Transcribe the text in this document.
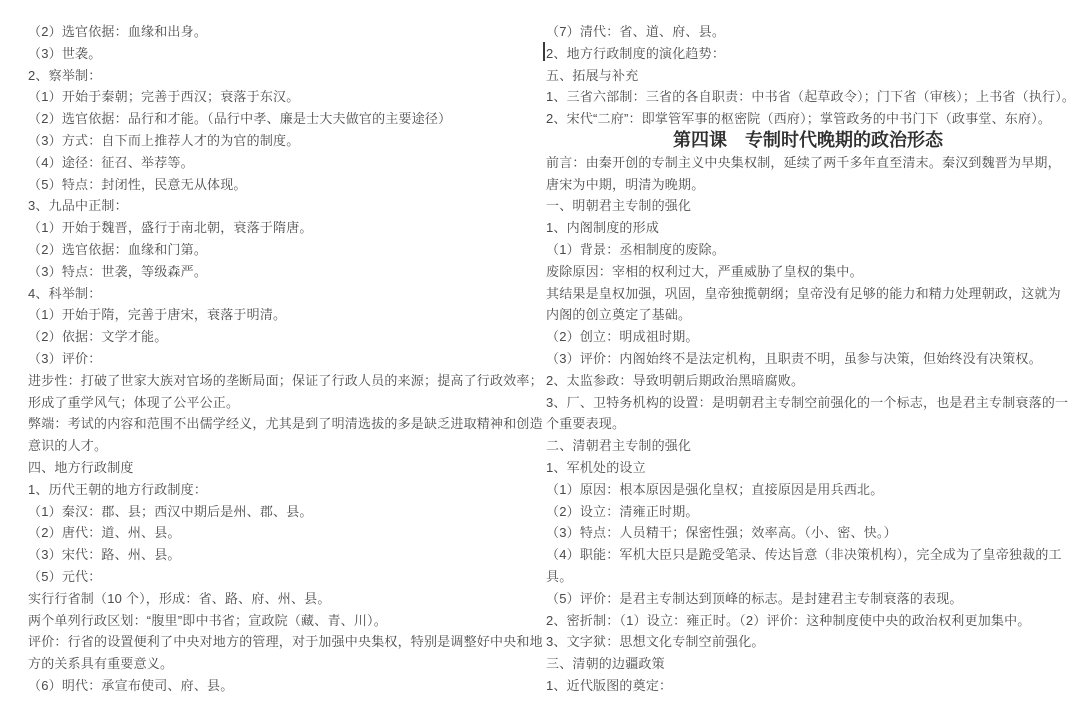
（2）选官依据：血缘和出身。
（3）世袭。
2、察举制：
（1）开始于秦朝；完善于西汉；衰落于东汉。
（2）选官依据：品行和才能。（品行中孝、廉是士大夫做官的主要途径）
（3）方式：自下而上推荐人才的为官的制度。
（4）途径：征召、举荐等。
（5）特点：封闭性，民意无从体现。
3、九品中正制：
（1）开始于魏晋，盛行于南北朝，衰落于隋唐。
（2）选官依据：血缘和门第。
（3）特点：世袭，等级森严。
4、科举制：
（1）开始于隋，完善于唐宋，衰落于明清。
（2）依据：文学才能。
（3）评价：
进步性：打破了世家大族对官场的垄断局面；保证了行政人员的来源；提高了行政效率；
形成了重学风气；体现了公平公正。
弊端：考试的内容和范围不出儒学经义，尤其是到了明清选拔的多是缺乏进取精神和创造
意识的人才。
四、地方行政制度
1、历代王朝的地方行政制度：
（1）秦汉：郡、县；西汉中期后是州、郡、县。
（2）唐代：道、州、县。
（3）宋代：路、州、县。
（5）元代：
实行行省制（10 个），形成：省、路、府、州、县。
两个单列行政区划：“腹里”即中书省；宣政院（藏、青、川）。
评价：行省的设置便利了中央对地方的管理，对于加强中央集权，特别是调整好中央和地
方的关系具有重要意义。
（6）明代：承宣布使司、府、县。
（7）清代：省、道、府、县。
2、地方行政制度的演化趋势：
五、拓展与补充
1、三省六部制：三省的各自职责：中书省（起草政令）；门下省（审核）；上书省（执行）。
2、宋代“二府”：即掌管军事的枢密院（西府）；掌管政务的中书门下（政事堂、东府）。
第四课　专制时代晚期的政治形态
前言：由秦开创的专制主义中央集权制，延续了两千多年直至清末。秦汉到魏晋为早期，
唐宋为中期，明清为晚期。
一、明朝君主专制的强化
1、内阁制度的形成
（1）背景：丞相制度的废除。
废除原因：宰相的权利过大，严重威胁了皇权的集中。
其结果是皇权加强，巩固，皇帝独揽朝纲；皇帝没有足够的能力和精力处理朝政，这就为
内阁的创立奠定了基础。
（2）创立：明成祖时期。
（3）评价：内阁始终不是法定机构，且职责不明，虽参与决策，但始终没有决策权。
2、太监参政：导致明朝后期政治黑暗腐败。
3、厂、卫特务机构的设置：是明朝君主专制空前强化的一个标志，也是君主专制衰落的一
个重要表现。
二、清朝君主专制的强化
1、军机处的设立
（1）原因：根本原因是强化皇权；直接原因是用兵西北。
（2）设立：清雍正时期。
（3）特点：人员精干；保密性强；效率高。（小、密、快。）
（4）职能：军机大臣只是跪受笔录、传达旨意（非决策机构），完全成为了皇帝独裁的工
具。
（5）评价：是君主专制达到顶峰的标志。是封建君主专制衰落的表现。
2、密折制：（1）设立：雍正时。（2）评价：这种制度使中央的政治权利更加集中。
3、文字狱：思想文化专制空前强化。
三、清朝的边疆政策
1、近代版图的奠定：
